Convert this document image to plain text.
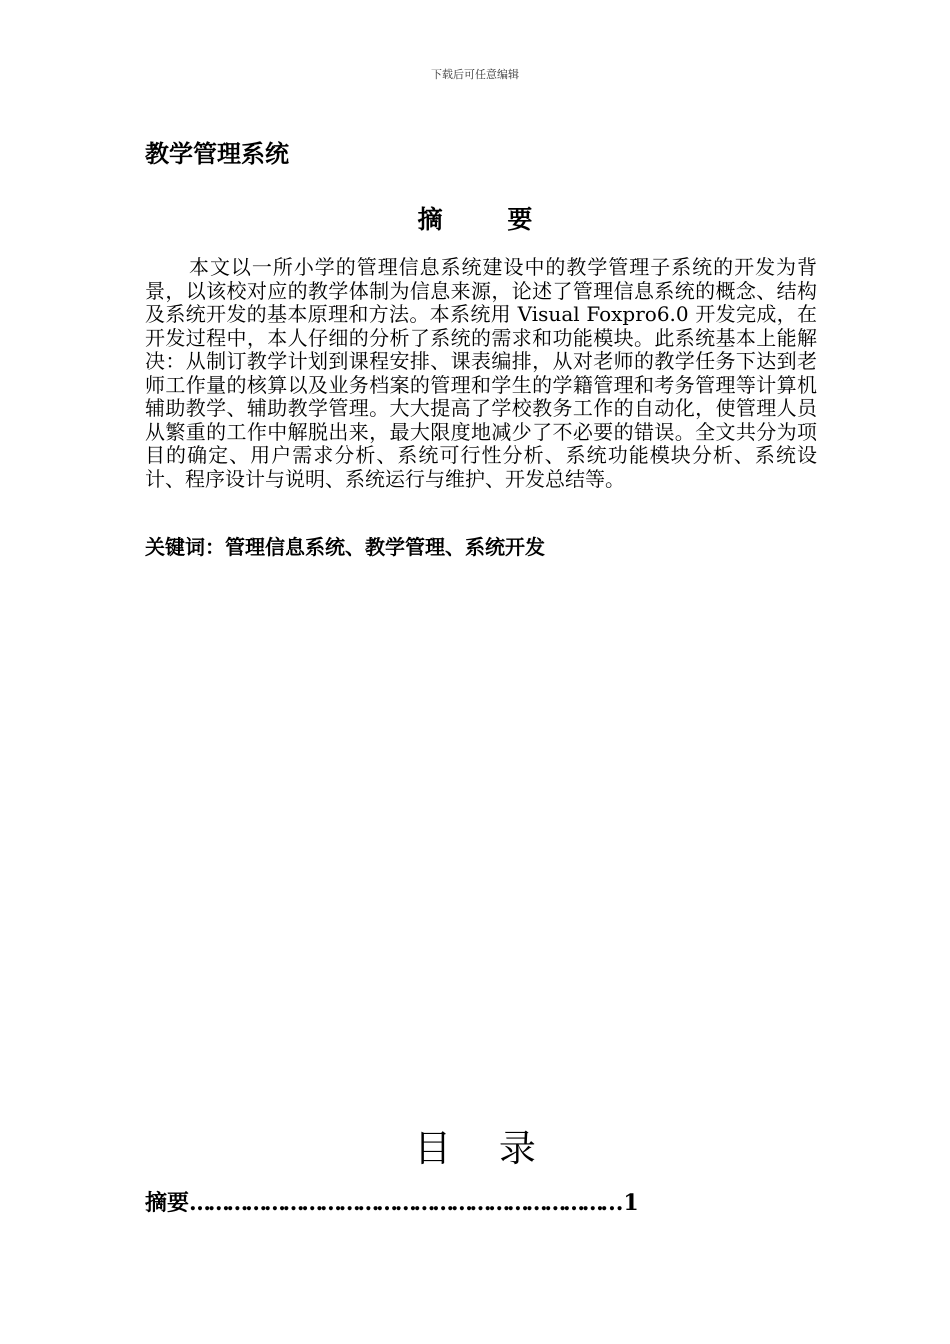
下载后可任意编辑
教学管理系统
摘 要
本文以一所小学的管理信息系统建设中的教学管理子系统的开发为背景，以该校对应的教学体制为信息来源，论述了管理信息系统的概念、结构及系统开发的基本原理和方法。本系统用 Visual Foxpro6.0 开发完成，在开发过程中，本人仔细的分析了系统的需求和功能模块。此系统基本上能解决：从制订教学计划到课程安排、课表编排，从对老师的教学任务下达到老师工作量的核算以及业务档案的管理和学生的学籍管理和考务管理等计算机辅助教学、辅助教学管理。大大提高了学校教务工作的自动化，使管理人员从繁重的工作中解脱出来，最大限度地减少了不必要的错误。全文共分为项目的确定、用户需求分析、系统可行性分析、系统功能模块分析、系统设计、程序设计与说明、系统运行与维护、开发总结等。
关键词：管理信息系统、教学管理、系统开发
目 录
摘要…………………………………………………………...1
